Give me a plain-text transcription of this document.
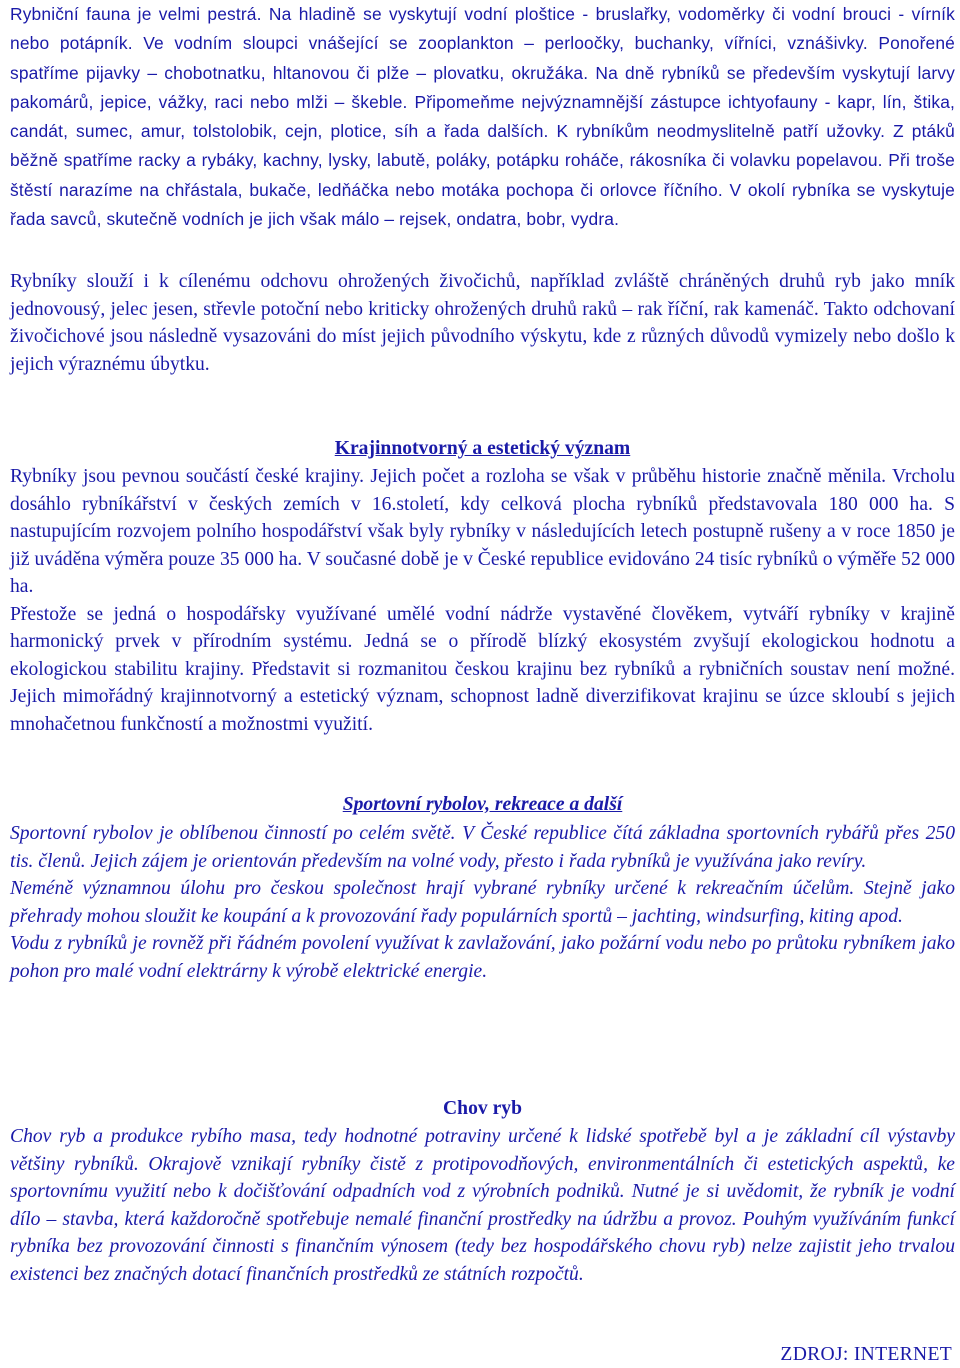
Rybniční fauna je velmi pestrá. Na hladině se vyskytují vodní ploštice - bruslařky, vodoměrky či vodní brouci - vírník nebo potápník. Ve vodním sloupci vnášející se zooplankton – perloočky, buchanky, vířníci, vznášivky. Ponořené spatříme pijavky – chobotnatku, hltanovou či plže – plovatku, okružáka. Na dně rybníků se především vyskytují larvy pakomárů, jepice, vážky, raci nebo mlži – škeble. Připomeňme nejvýznamnější zástupce ichtyofauny - kapr, lín, štika, candát, sumec, amur, tolstolobik, cejn, plotice, síh a řada dalších. K rybníkům neodmyslitelně patří užovky. Z ptáků běžně spatříme racky a rybáky, kachny, lysky, labutě, poláky, potápku roháče, rákosníka či volavku popelavou. Při troše štěstí narazíme na chřástala, bukače, ledňáčka nebo motáka pochopa či orlovce říčního. V okolí rybníka se vyskytuje řada savců, skutečně vodních je jich však málo – rejsek, ondatra, bobr, vydra.

Rybníky slouží i k cílenému odchovu ohrožených živočichů, například zvláště chráněných druhů ryb jako mník jednovousý, jelec jesen, střevle potoční nebo kriticky ohrožených druhů raků – rak říční, rak kamenáč. Takto odchovaní živočichové jsou následně vysazováni do míst jejich původního výskytu, kde z různých důvodů vymizely nebo došlo k jejich výraznému úbytku.

Krajinnotvorný a estetický význam

Rybníky jsou pevnou součástí české krajiny. Jejich počet a rozloha se však v průběhu historie značně měnila. Vrcholu dosáhlo rybníkářství v českých zemích v 16.století, kdy celková plocha rybníků představovala 180 000 ha. S nastupujícím rozvojem polního hospodářství však byly rybníky v následujících letech postupně rušeny a v roce 1850 je již uváděna výměra pouze 35 000 ha. V současné době je v České republice evidováno 24 tisíc rybníků o výměře 52 000 ha.

Přestože se jedná o hospodářsky využívané umělé vodní nádrže vystavěné člověkem, vytváří rybníky v krajině harmonický prvek v přírodním systému. Jedná se o přírodě blízký ekosystém zvyšují ekologickou hodnotu a ekologickou stabilitu krajiny. Představit si rozmanitou českou krajinu bez rybníků a rybničních soustav není možné. Jejich mimořádný krajinnotvorný a estetický význam, schopnost ladně diverzifikovat krajinu se úzce skloubí s jejich mnohačetnou funkčností a možnostmi využití.

Sportovní rybolov, rekreace a další

Sportovní rybolov je oblíbenou činností po celém světě. V České republice čítá základna sportovních rybářů přes 250 tis. členů. Jejich zájem je orientován především na volné vody, přesto i řada rybníků je využívána jako revíry.

Neméně významnou úlohu pro českou společnost hrají vybrané rybníky určené k rekreačním účelům. Stejně jako přehrady mohou sloužit ke koupání a k provozování řady populárních sportů – jachting, windsurfing, kiting apod.

Vodu z rybníků je rovněž při řádném povolení využívat k zavlažování, jako požární vodu nebo po průtoku rybníkem jako pohon pro malé vodní elektrárny k výrobě elektrické energie.

Chov ryb

Chov ryb a produkce rybího masa, tedy hodnotné potraviny určené k lidské spotřebě byl a je základní cíl výstavby většiny rybníků. Okrajově vznikají rybníky čistě z protipovodňových, environmentálních či estetických aspektů, ke sportovnímu využití nebo k dočišťování odpadních vod z výrobních podniků. Nutné je si uvědomit, že rybník je vodní dílo – stavba, která každoročně spotřebuje nemalé finanční prostředky na údržbu a provoz. Pouhým využíváním funkcí rybníka bez provozování činnosti s finančním výnosem (tedy bez hospodářského chovu ryb) nelze zajistit jeho trvalou existenci bez značných dotací finančních prostředků ze státních rozpočtů.

ZDROJ: INTERNET
